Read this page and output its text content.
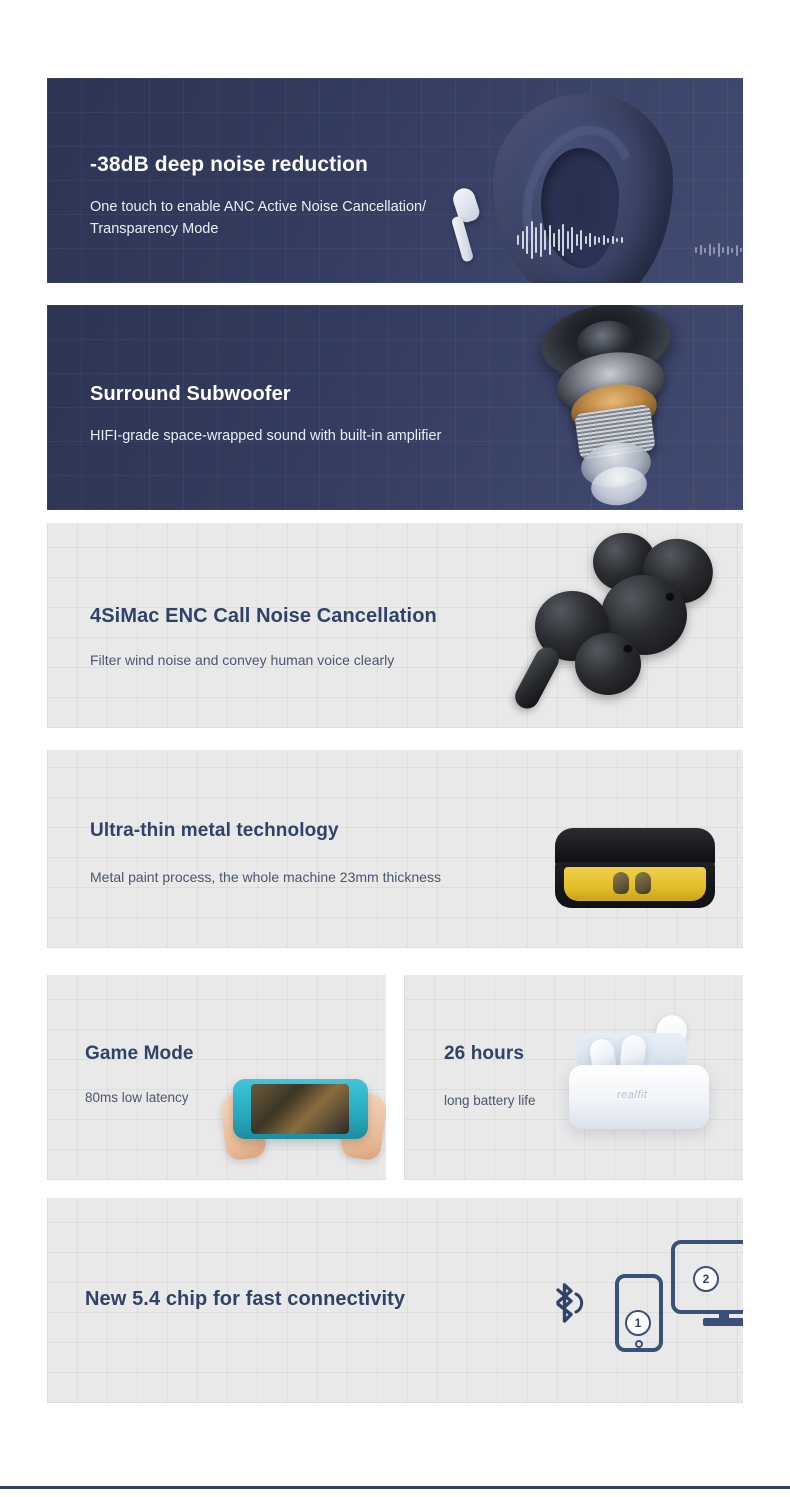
-38dB deep noise reduction
One touch to enable ANC Active Noise Cancellation/
Transparency Mode
Surround Subwoofer
HIFI-grade space-wrapped sound with built-in amplifier
4SiMac ENC Call Noise Cancellation
Filter wind noise and convey human voice clearly
Ultra-thin metal technology
Metal paint process, the whole machine 23mm thickness
Game Mode
80ms low latency	realfit
26 hours
long battery life
New 5.4 chip for fast connectivity
1
2
